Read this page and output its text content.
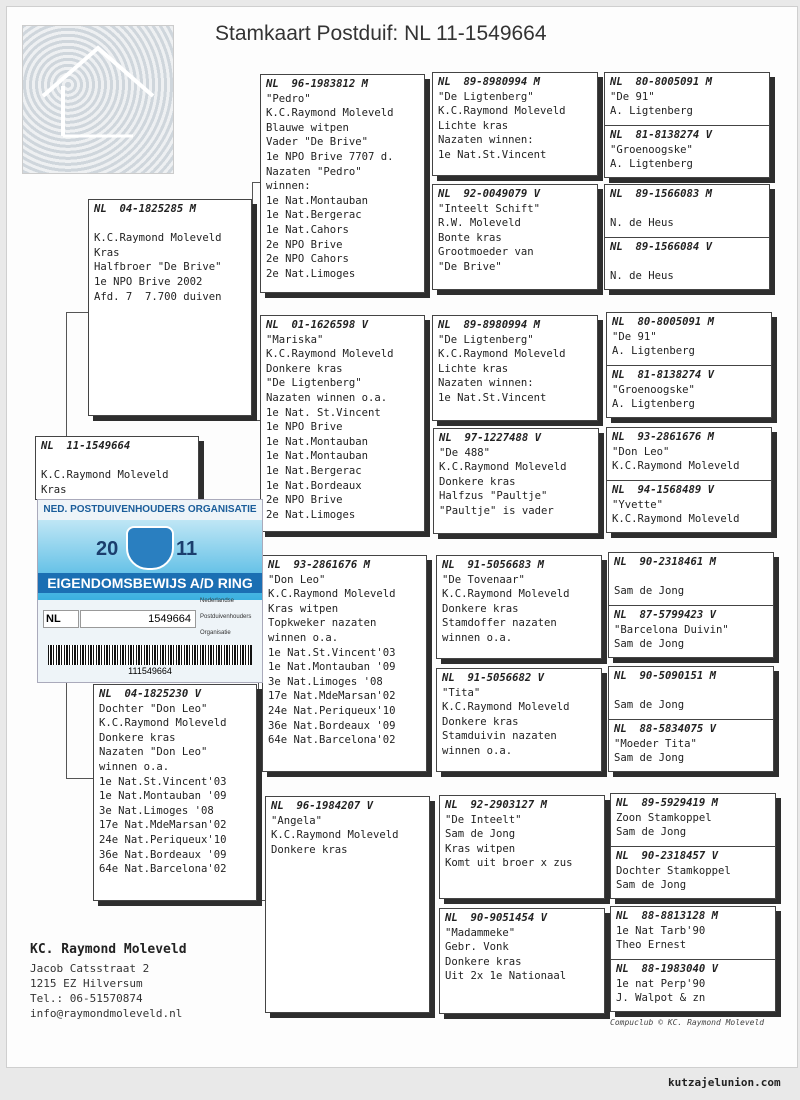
Stamkaart Postduif: NL 11-1549664
NL  11-1549664

K.C.Raymond Moleveld
Kras
NL  04-1825285 M

K.C.Raymond Moleveld
Kras
Halfbroer "De Brive"
1e NPO Brive 2002
Afd. 7  7.700 duiven
NL  04-1825230 V
Dochter "Don Leo"
K.C.Raymond Moleveld
Donkere kras
Nazaten "Don Leo"
winnen o.a.
1e Nat.St.Vincent'03
1e Nat.Montauban '09
3e Nat.Limoges '08
17e Nat.MdeMarsan'02
24e Nat.Periqueux'10
36e Nat.Bordeaux '09
64e Nat.Barcelona'02
NL  96-1983812 M
"Pedro"
K.C.Raymond Moleveld
Blauwe witpen
Vader "De Brive"
1e NPO Brive 7707 d.
Nazaten "Pedro"
winnen:
1e Nat.Montauban
1e Nat.Bergerac
1e Nat.Cahors
2e NPO Brive
2e NPO Cahors
2e Nat.Limoges
NL  01-1626598 V
"Mariska"
K.C.Raymond Moleveld
Donkere kras
"De Ligtenberg"
Nazaten winnen o.a.
1e Nat. St.Vincent
1e NPO Brive
1e Nat.Montauban
1e Nat.Montauban
1e Nat.Bergerac
1e Nat.Bordeaux
2e NPO Brive
2e Nat.Limoges
NL  93-2861676 M
"Don Leo"
K.C.Raymond Moleveld
Kras witpen
Topkweker nazaten
winnen o.a.
1e Nat.St.Vincent'03
1e Nat.Montauban '09
3e Nat.Limoges '08
17e Nat.MdeMarsan'02
24e Nat.Periqueux'10
36e Nat.Bordeaux '09
64e Nat.Barcelona'02
NL  96-1984207 V
"Angela"
K.C.Raymond Moleveld
Donkere kras
NL  89-8980994 M
"De Ligtenberg"
K.C.Raymond Moleveld
Lichte kras
Nazaten winnen:
1e Nat.St.Vincent
NL  92-0049079 V
"Inteelt Schift"
R.W. Moleveld
Bonte kras
Grootmoeder van
"De Brive"
NL  89-8980994 M
"De Ligtenberg"
K.C.Raymond Moleveld
Lichte kras
Nazaten winnen:
1e Nat.St.Vincent
NL  97-1227488 V
"De 488"
K.C.Raymond Moleveld
Donkere kras
Halfzus "Paultje"
"Paultje" is vader
NL  91-5056683 M
"De Tovenaar"
K.C.Raymond Moleveld
Donkere kras
Stamdoffer nazaten
winnen o.a.
NL  91-5056682 V
"Tita"
K.C.Raymond Moleveld
Donkere kras
Stamduivin nazaten
winnen o.a.
NL  92-2903127 M
"De Inteelt"
Sam de Jong
Kras witpen
Komt uit broer x zus
NL  90-9051454 V
"Madammeke"
Gebr. Vonk
Donkere kras
Uit 2x 1e Nationaal
NL  80-8005091 M
"De 91"
A. Ligtenberg
NL  81-8138274 V
"Groenoogske"
A. Ligtenberg
NL  89-1566083 M

N. de Heus
NL  89-1566084 V

N. de Heus
NL  80-8005091 M
"De 91"
A. Ligtenberg
NL  81-8138274 V
"Groenoogske"
A. Ligtenberg
NL  93-2861676 M
"Don Leo"
K.C.Raymond Moleveld
NL  94-1568489 V
"Yvette"
K.C.Raymond Moleveld
NL  90-2318461 M

Sam de Jong
NL  87-5799423 V
"Barcelona Duivin"
Sam de Jong
NL  90-5090151 M

Sam de Jong
NL  88-5834075 V
"Moeder Tita"
Sam de Jong
NL  89-5929419 M
Zoon Stamkoppel
Sam de Jong
NL  90-2318457 V
Dochter Stamkoppel
Sam de Jong
NL  88-8813128 M
1e Nat Tarb'90
Theo Ernest
NL  88-1983040 V
1e nat Perp'90
J. Walpot & zn
NED. POSTDUIVENHOUDERS ORGANISATIE
20	11
EIGENDOMSBEWIJS A/D RING
NL	1549664
Nederlandse
Postduivenhouders
Organisatie
111549664
KC. Raymond Moleveld
Jacob Catsstraat 2
1215 EZ Hilversum
Tel.: 06-51570874
info@raymondmoleveld.nl
Compuclub © KC. Raymond Moleveld
kutzajelunion.com
